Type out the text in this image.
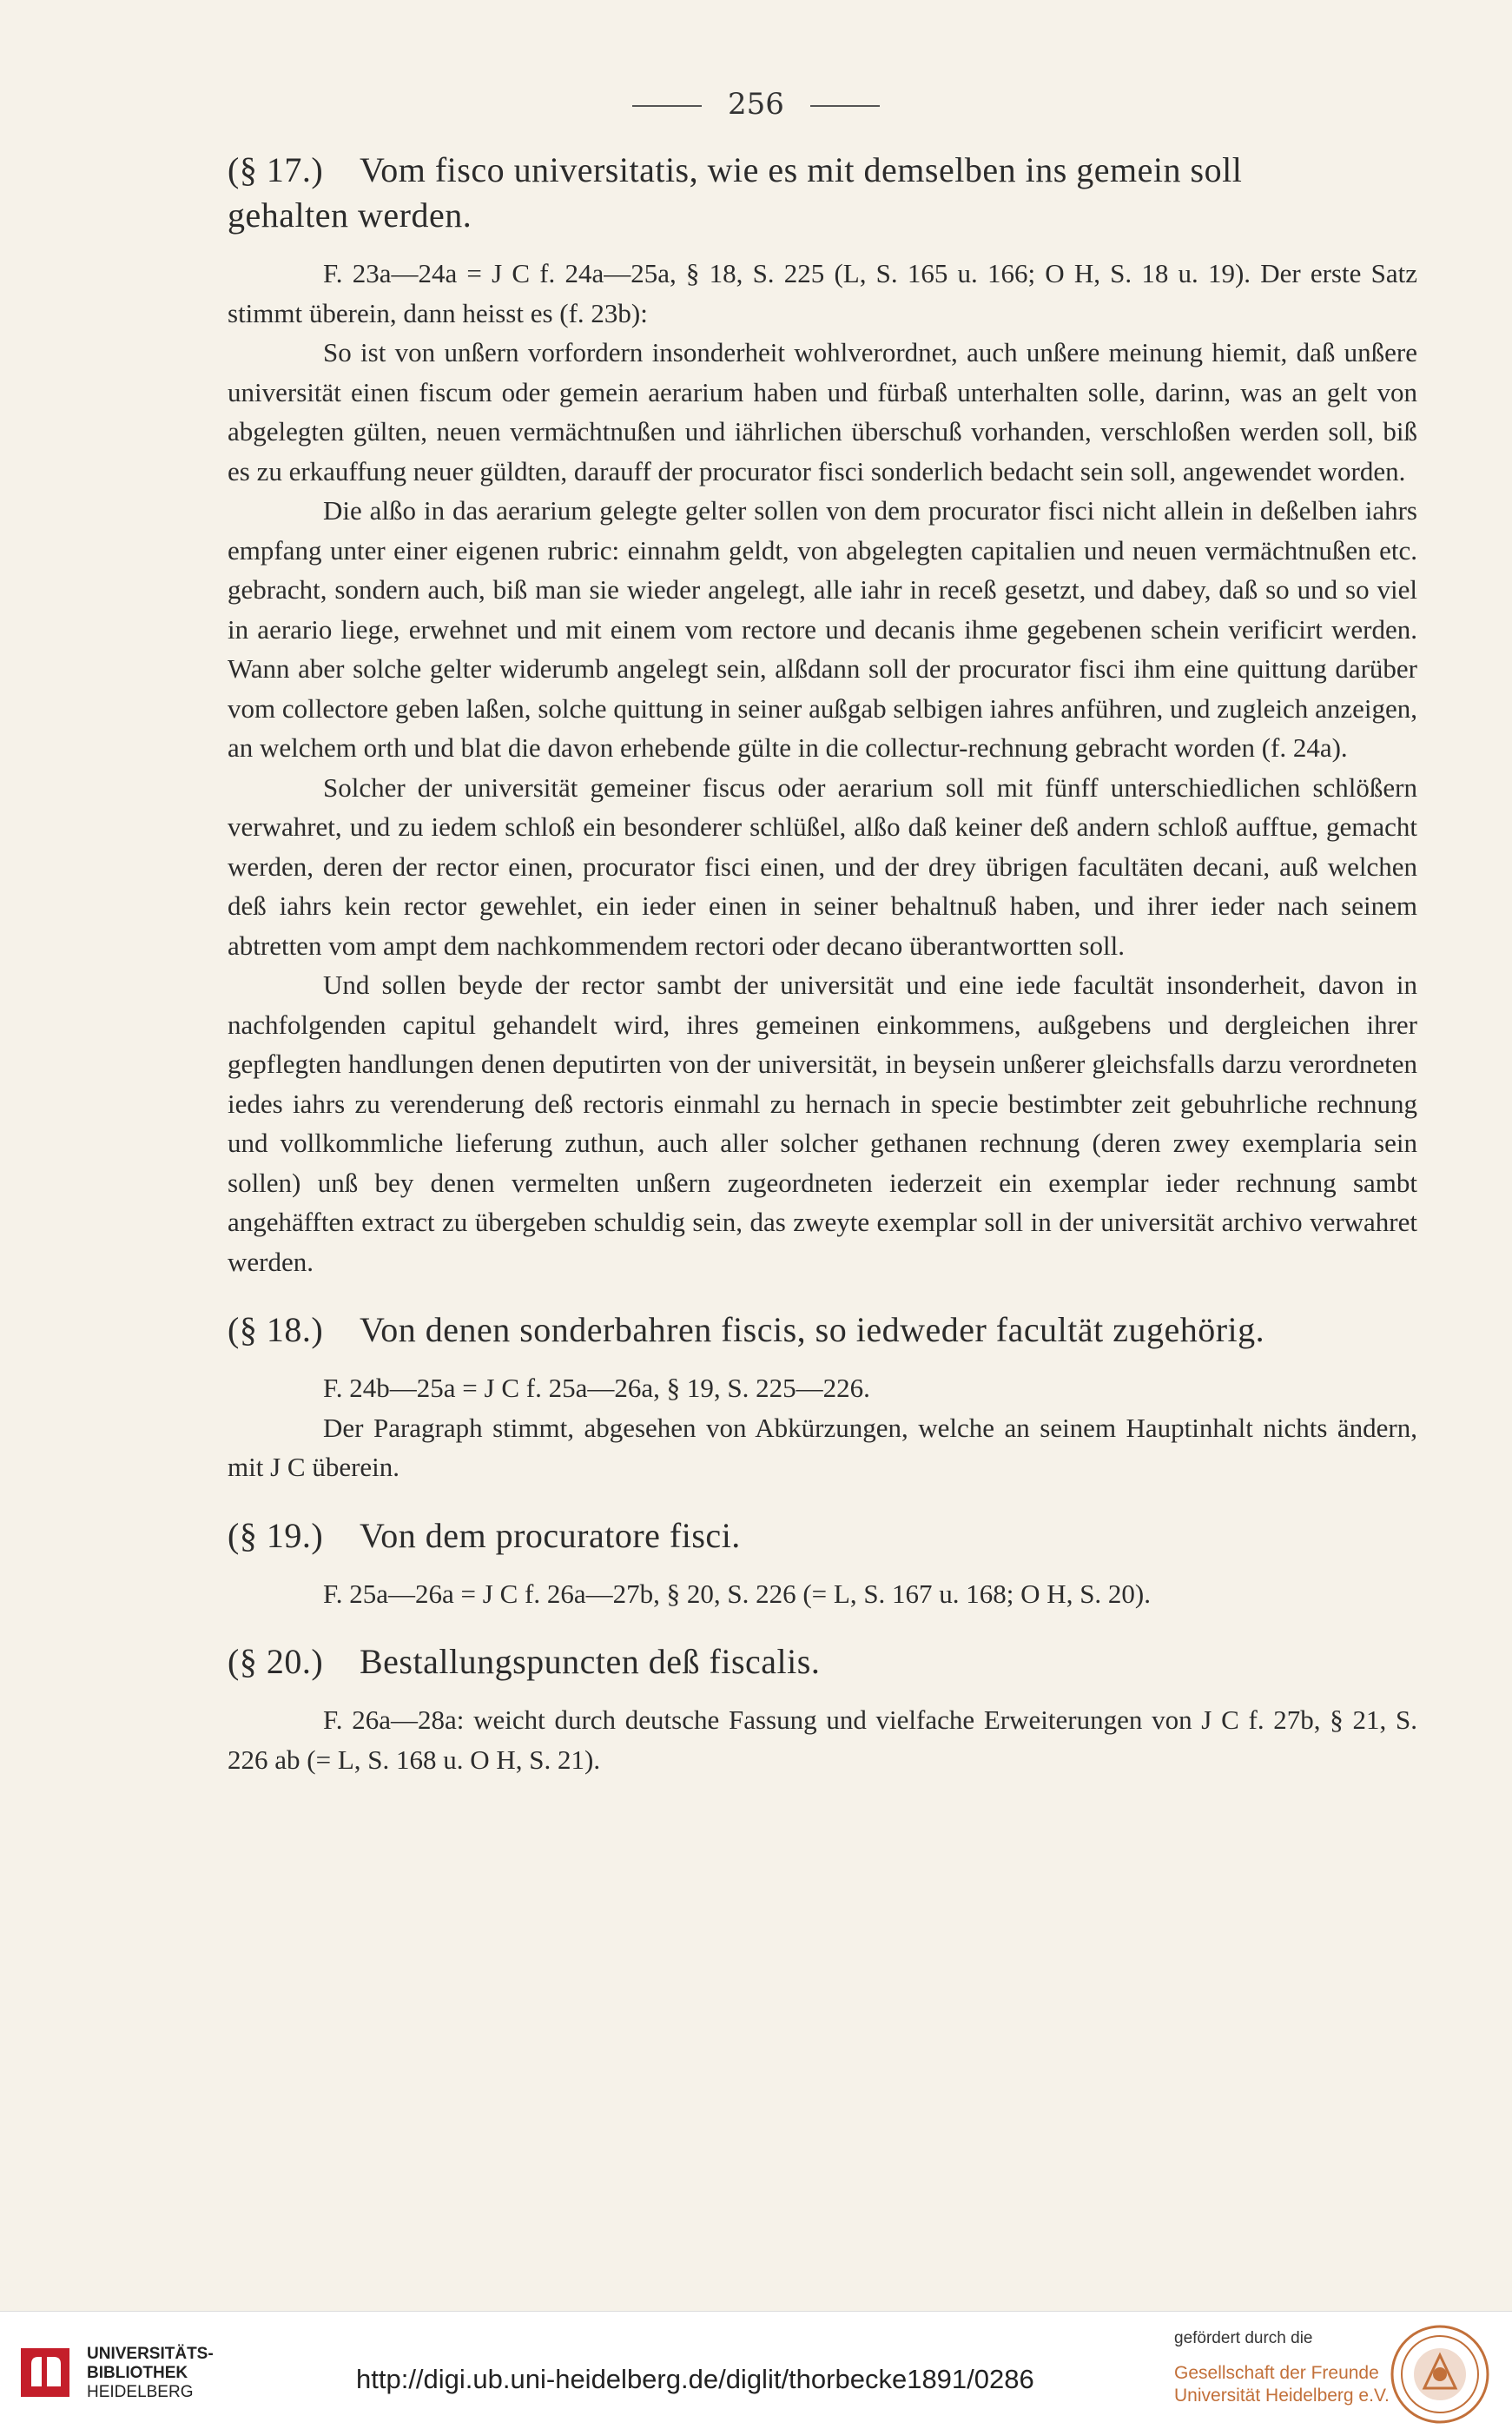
256

(§ 17.) Vom fisco universitatis, wie es mit demselben ins gemein soll

gehalten werden.

F. 23a—24a = J C f. 24a—25a, § 18, S. 225 (L, S. 165 u. 166; O H, S. 18 u. 19). Der erste Satz stimmt überein, dann heisst es (f. 23b):

So ist von unßern vorfordern insonderheit wohlverordnet, auch unßere meinung hiemit, daß unßere universität einen fiscum oder gemein aerarium haben und fürbaß unterhalten solle, darinn, was an gelt von abgelegten gülten, neuen vermächtnußen und iährlichen überschuß vorhanden, verschloßen werden soll, biß es zu erkauffung neuer güldten, darauff der procurator fisci sonderlich bedacht sein soll, angewendet worden.

Die alßo in das aerarium gelegte gelter sollen von dem procurator fisci nicht allein in deßelben iahrs empfang unter einer eigenen rubric: einnahm geldt, von abgelegten capitalien und neuen vermächtnußen etc. gebracht, sondern auch, biß man sie wieder angelegt, alle iahr in receß gesetzt, und dabey, daß so und so viel in aerario liege, erwehnet und mit einem vom rectore und decanis ihme gegebenen schein verificirt werden. Wann aber solche gelter widerumb angelegt sein, alßdann soll der procurator fisci ihm eine quittung darüber vom collectore geben laßen, solche quittung in seiner außgab selbigen iahres anführen, und zugleich anzeigen, an welchem orth und blat die davon erhebende gülte in die collectur-rechnung gebracht worden (f. 24a).

Solcher der universität gemeiner fiscus oder aerarium soll mit fünff unterschiedlichen schlößern verwahret, und zu iedem schloß ein besonderer schlüßel, alßo daß keiner deß andern schloß aufftue, gemacht werden, deren der rector einen, procurator fisci einen, und der drey übrigen facultäten decani, auß welchen deß iahrs kein rector gewehlet, ein ieder einen in seiner behaltnuß haben, und ihrer ieder nach seinem abtretten vom ampt dem nachkommendem rectori oder decano überantwortten soll.

Und sollen beyde der rector sambt der universität und eine iede facultät insonderheit, davon in nachfolgenden capitul gehandelt wird, ihres gemeinen einkommens, außgebens und dergleichen ihrer gepflegten handlungen denen deputirten von der universität, in beysein unßerer gleichsfalls darzu verordneten iedes iahrs zu verenderung deß rectoris einmahl zu hernach in specie bestimbter zeit gebuhrliche rechnung und vollkommliche lieferung zuthun, auch aller solcher gethanen rechnung (deren zwey exemplaria sein sollen) unß bey denen vermelten unßern zugeordneten iederzeit ein exemplar ieder rechnung sambt angehäfften extract zu übergeben schuldig sein, das zweyte exemplar soll in der universität archivo verwahret werden.

(§ 18.) Von denen sonderbahren fiscis, so iedweder facultät zugehörig.

F. 24b—25a = J C f. 25a—26a, § 19, S. 225—226.

Der Paragraph stimmt, abgesehen von Abkürzungen, welche an seinem Hauptinhalt nichts ändern, mit J C überein.

(§ 19.) Von dem procuratore fisci.

F. 25a—26a = J C f. 26a—27b, § 20, S. 226 (= L, S. 167 u. 168; O H, S. 20).

(§ 20.) Bestallungspuncten deß fiscalis.

F. 26a—28a: weicht durch deutsche Fassung und vielfache Erweiterungen von J C f. 27b, § 21, S. 226 ab (= L, S. 168 u. O H, S. 21).

UNIVERSITÄTS-
BIBLIOTHEK
HEIDELBERG	http://digi.ub.uni-heidelberg.de/diglit/thorbecke1891/0286
gefördert durch die
Gesellschaft der Freunde
Universität Heidelberg e.V.
